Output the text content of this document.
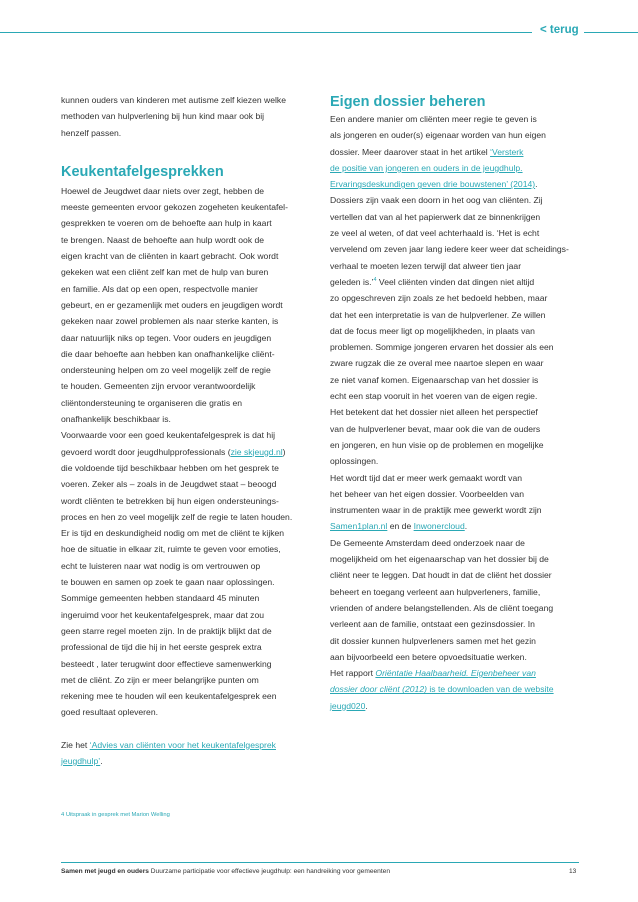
< terug

kunnen ouders van kinderen met autisme zelf kiezen welke

methoden van hulpverlening bij hun kind maar ook bij

henzelf passen.

Keukentafelgesprekken

Hoewel de Jeugdwet daar niets over zegt, hebben de

meeste gemeenten ervoor gekozen zogeheten keukentafel-

gesprekken te voeren om de behoefte aan hulp in kaart

te brengen. Naast de behoefte aan hulp wordt ook de

eigen kracht van de cliënten in kaart gebracht. Ook wordt

gekeken wat een cliënt zelf kan met de hulp van buren

en familie. Als dat op een open, respectvolle manier

gebeurt, en er gezamenlijk met ouders en jeugdigen wordt

gekeken naar zowel problemen als naar sterke kanten, is

daar natuurlijk niks op tegen. Voor ouders en jeugdigen

die daar behoefte aan hebben kan onafhankelijke cliënt-

ondersteuning helpen om zo veel mogelijk zelf de regie

te houden. Gemeenten zijn ervoor verantwoordelijk

cliëntondersteuning te organiseren die gratis en

onafhankelijk beschikbaar is.

Voorwaarde voor een goed keukentafelgesprek is dat hij

gevoerd wordt door jeugdhulpprofessionals (zie skjeugd.nl)

die voldoende tijd beschikbaar hebben om het gesprek te

voeren. Zeker als – zoals in de Jeugdwet staat – beoogd

wordt cliënten te betrekken bij hun eigen ondersteunings-

proces en hen zo veel mogelijk zelf de regie te laten houden.

Er is tijd en deskundigheid nodig om met de cliënt te kijken

hoe de situatie in elkaar zit, ruimte te geven voor emoties,

echt te luisteren naar wat nodig is om vertrouwen op

te bouwen en samen op zoek te gaan naar oplossingen.

Sommige gemeenten hebben standaard 45 minuten

ingeruimd voor het keukentafelgesprek, maar dat zou

geen starre regel moeten zijn. In de praktijk blijkt dat de

professional de tijd die hij in het eerste gesprek extra

besteedt , later terugwint door effectieve samenwerking

met de cliënt. Zo zijn er meer belangrijke punten om

rekening mee te houden wil een keukentafelgesprek een

goed resultaat opleveren.

Zie het ‘Advies van cliënten voor het keukentafelgesprek

jeugdhulp’.

Eigen dossier beheren

Een andere manier om cliënten meer regie te geven is

als jongeren en ouder(s) eigenaar worden van hun eigen

dossier. Meer daarover staat in het artikel ‘Versterk

de positie van jongeren en ouders in de jeugdhulp.

Ervaringsdeskundigen geven drie bouwstenen’ (2014).

Dossiers zijn vaak een doorn in het oog van cliënten. Zij

vertellen dat van al het papierwerk dat ze binnenkrijgen

ze veel al weten, of dat veel achterhaald is. ‘Het is echt

vervelend om zeven jaar lang iedere keer weer dat scheidings-

verhaal te moeten lezen terwijl dat alweer tien jaar

geleden is.’$^4$ Veel cliënten vinden dat dingen niet altijd

zo opgeschreven zijn zoals ze het bedoeld hebben, maar

dat het een interpretatie is van de hulpverlener. Ze willen

dat de focus meer ligt op mogelijkheden, in plaats van

problemen. Sommige jongeren ervaren het dossier als een

zware rugzak die ze overal mee naartoe slepen en waar

ze niet vanaf komen. Eigenaarschap van het dossier is

echt een stap vooruit in het voeren van de eigen regie.

Het betekent dat het dossier niet alleen het perspectief

van de hulpverlener bevat, maar ook die van de ouders

en jongeren, en hun visie op de problemen en mogelijke

oplossingen.

Het wordt tijd dat er meer werk gemaakt wordt van

het beheer van het eigen dossier. Voorbeelden van

instrumenten waar in de praktijk mee gewerkt wordt zijn

Samen1plan.nl en de Inwonercloud.

De Gemeente Amsterdam deed onderzoek naar de

mogelijkheid om het eigenaarschap van het dossier bij de

cliënt neer te leggen. Dat houdt in dat de cliënt het dossier

beheert en toegang verleent aan hulpverleners, familie,

vrienden of andere belangstellenden. Als de cliënt toegang

verleent aan de familie, ontstaat een gezinsdossier. In

dit dossier kunnen hulpverleners samen met het gezin

aan bijvoorbeeld een betere opvoedsituatie werken.

Het rapport Oriëntatie Haalbaarheid. Eigenbeheer van

dossier door cliënt (2012) is te downloaden van de website

jeugd020.

4 Uitspraak in gesprek met Marion Welling
Samen met jeugd en ouders Duurzame participatie voor effectieve jeugdhulp: een handreiking voor gemeenten	13
